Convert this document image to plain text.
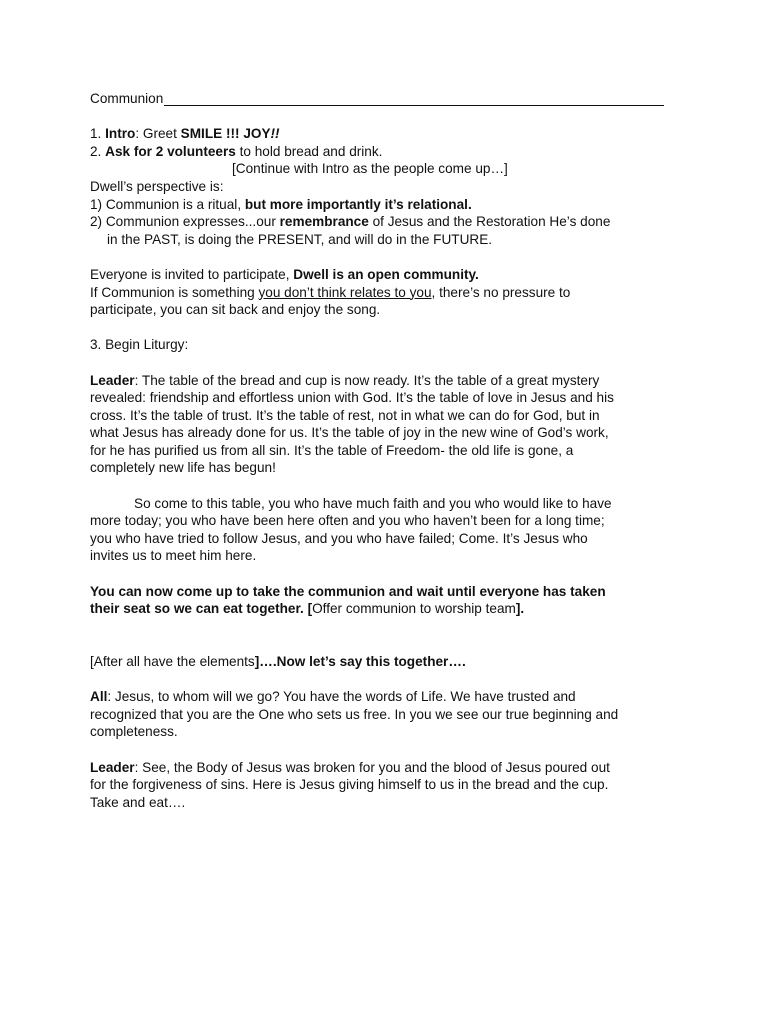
Communion
1. Intro: Greet SMILE !!! JOY!!
2. Ask for 2 volunteers to hold bread and drink.
[Continue with Intro as the people come up…]
Dwell’s perspective is:
1) Communion is a ritual, but more importantly it’s relational.
2) Communion expresses...our remembrance of Jesus and the Restoration He’s done
in the PAST, is doing the PRESENT, and will do in the FUTURE.
Everyone is invited to participate, Dwell is an open community.
If Communion is something you don’t think relates to you, there’s no pressure to
participate, you can sit back and enjoy the song.
3. Begin Liturgy:
Leader: The table of the bread and cup is now ready. It’s the table of a great mystery
revealed: friendship and effortless union with God. It’s the table of love in Jesus and his
cross. It’s the table of trust. It’s the table of rest, not in what we can do for God, but in
what Jesus has already done for us. It’s the table of joy in the new wine of God’s work,
for he has purified us from all sin. It’s the table of Freedom- the old life is gone, a
completely new life has begun!
So come to this table, you who have much faith and you who would like to have
more today; you who have been here often and you who haven’t been for a long time;
you who have tried to follow Jesus, and you who have failed; Come. It’s Jesus who
invites us to meet him here.
You can now come up to take the communion and wait until everyone has taken
their seat so we can eat together. [Offer communion to worship team].
[After all have the elements]….Now let’s say this together….
All: Jesus, to whom will we go? You have the words of Life. We have trusted and
recognized that you are the One who sets us free. In you we see our true beginning and
completeness.
Leader: See, the Body of Jesus was broken for you and the blood of Jesus poured out
for the forgiveness of sins. Here is Jesus giving himself to us in the bread and the cup.
Take and eat….
